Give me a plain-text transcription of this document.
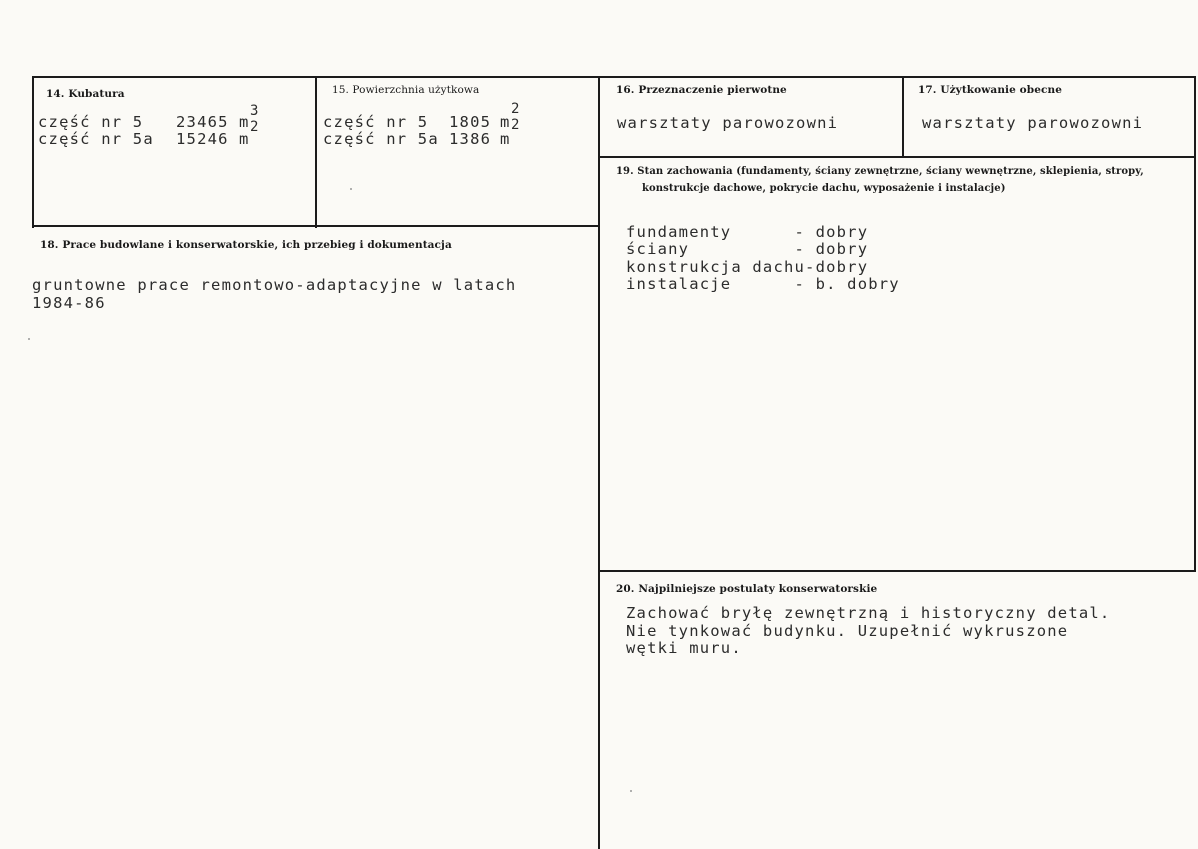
14. Kubatura
część nr 5 23465 m
3
część nr 5a 15246 m
2
15. Powierzchnia użytkowa
część nr 5 1805 m
2
część nr 5a 1386 m
2
16. Przeznaczenie pierwotne
warsztaty parowozowni
17. Użytkowanie obecne
warsztaty parowozowni
18. Prace budowlane i konserwatorskie, ich przebieg i dokumentacja
gruntowne prace remontowo-adaptacyjne w latach
1984-86
19. Stan zachowania (fundamenty, ściany zewnętrzne, ściany wewnętrzne, sklepienia, stropy,
konstrukcje dachowe, pokrycie dachu, wyposażenie i instalacje)
fundamenty      - dobry
ściany          - dobry
konstrukcja dachu-dobry
instalacje      - b. dobry
20. Najpilniejsze postulaty konserwatorskie
Zachować bryłę zewnętrzną i historyczny detal.
Nie tynkować budynku. Uzupełnić wykruszone
wętki muru.
